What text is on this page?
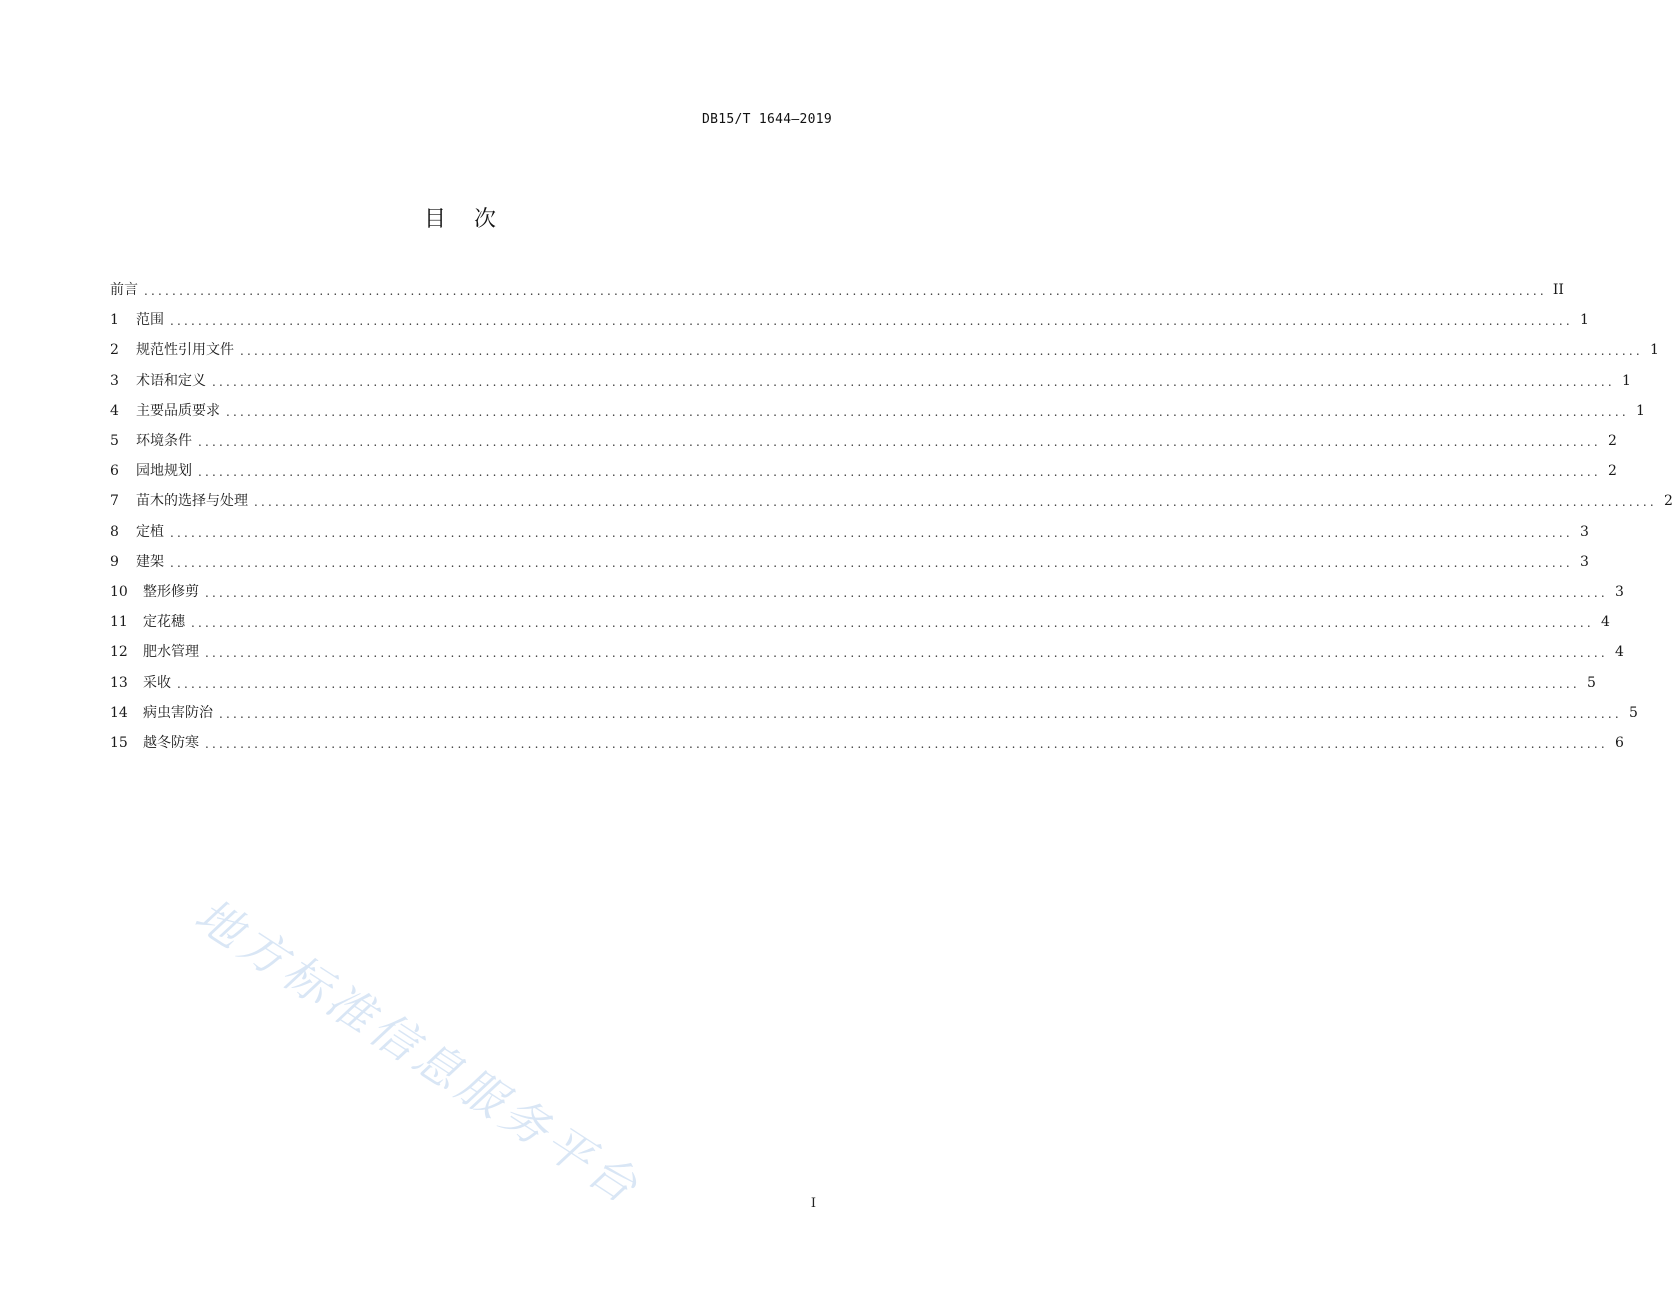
DB15/T 1644—2019
目次
前言 ........................................................................................................................................................................................................ II
1	范围 ........................................................................................................................................................................................................ 1
2	规范性引用文件 ........................................................................................................................................................................................................ 1
3	术语和定义 ........................................................................................................................................................................................................ 1
4	主要品质要求 ........................................................................................................................................................................................................ 1
5	环境条件 ........................................................................................................................................................................................................ 2
6	园地规划 ........................................................................................................................................................................................................ 2
7	苗木的选择与处理 ........................................................................................................................................................................................................ 2
8	定植 ........................................................................................................................................................................................................ 3
9	建架 ........................................................................................................................................................................................................ 3
10	整形修剪 ........................................................................................................................................................................................................ 3
11	定花穗 ........................................................................................................................................................................................................ 4
12	肥水管理 ........................................................................................................................................................................................................ 4
13	采收 ........................................................................................................................................................................................................ 5
14	病虫害防治 ........................................................................................................................................................................................................ 5
15	越冬防寒 ........................................................................................................................................................................................................ 6
地方标准信息服务平台	I
